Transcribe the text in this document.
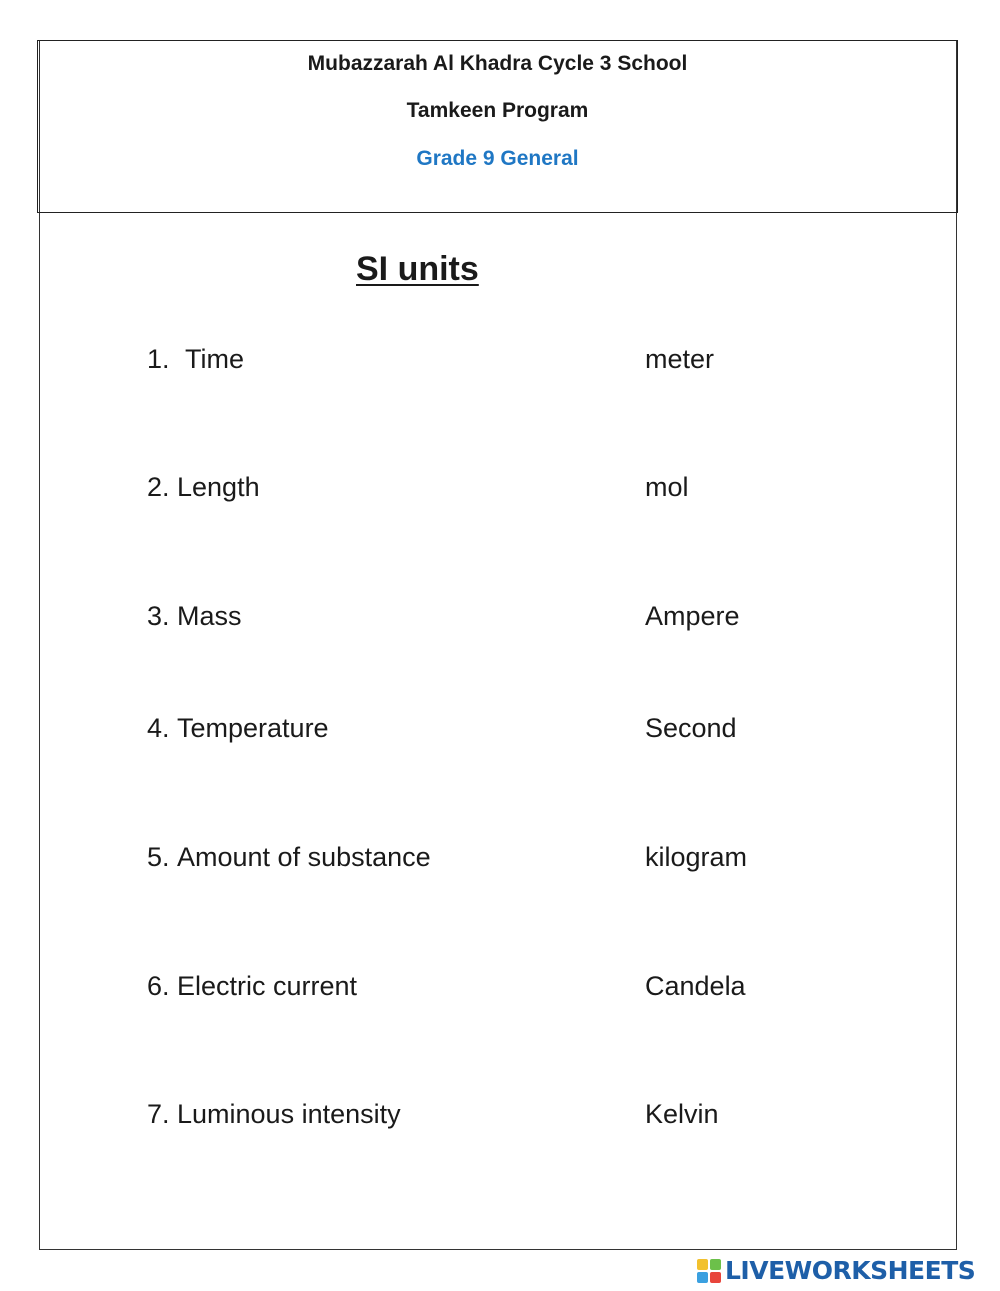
Mubazzarah Al Khadra Cycle 3 School
Tamkeen Program
Grade 9 General
SI units
1. Time
2. Length
3. Mass
4. Temperature
5. Amount of substance
6. Electric current
7. Luminous intensity
meter
mol
Ampere
Second
kilogram
Candela
Kelvin
LIVEWORKSHEETS
